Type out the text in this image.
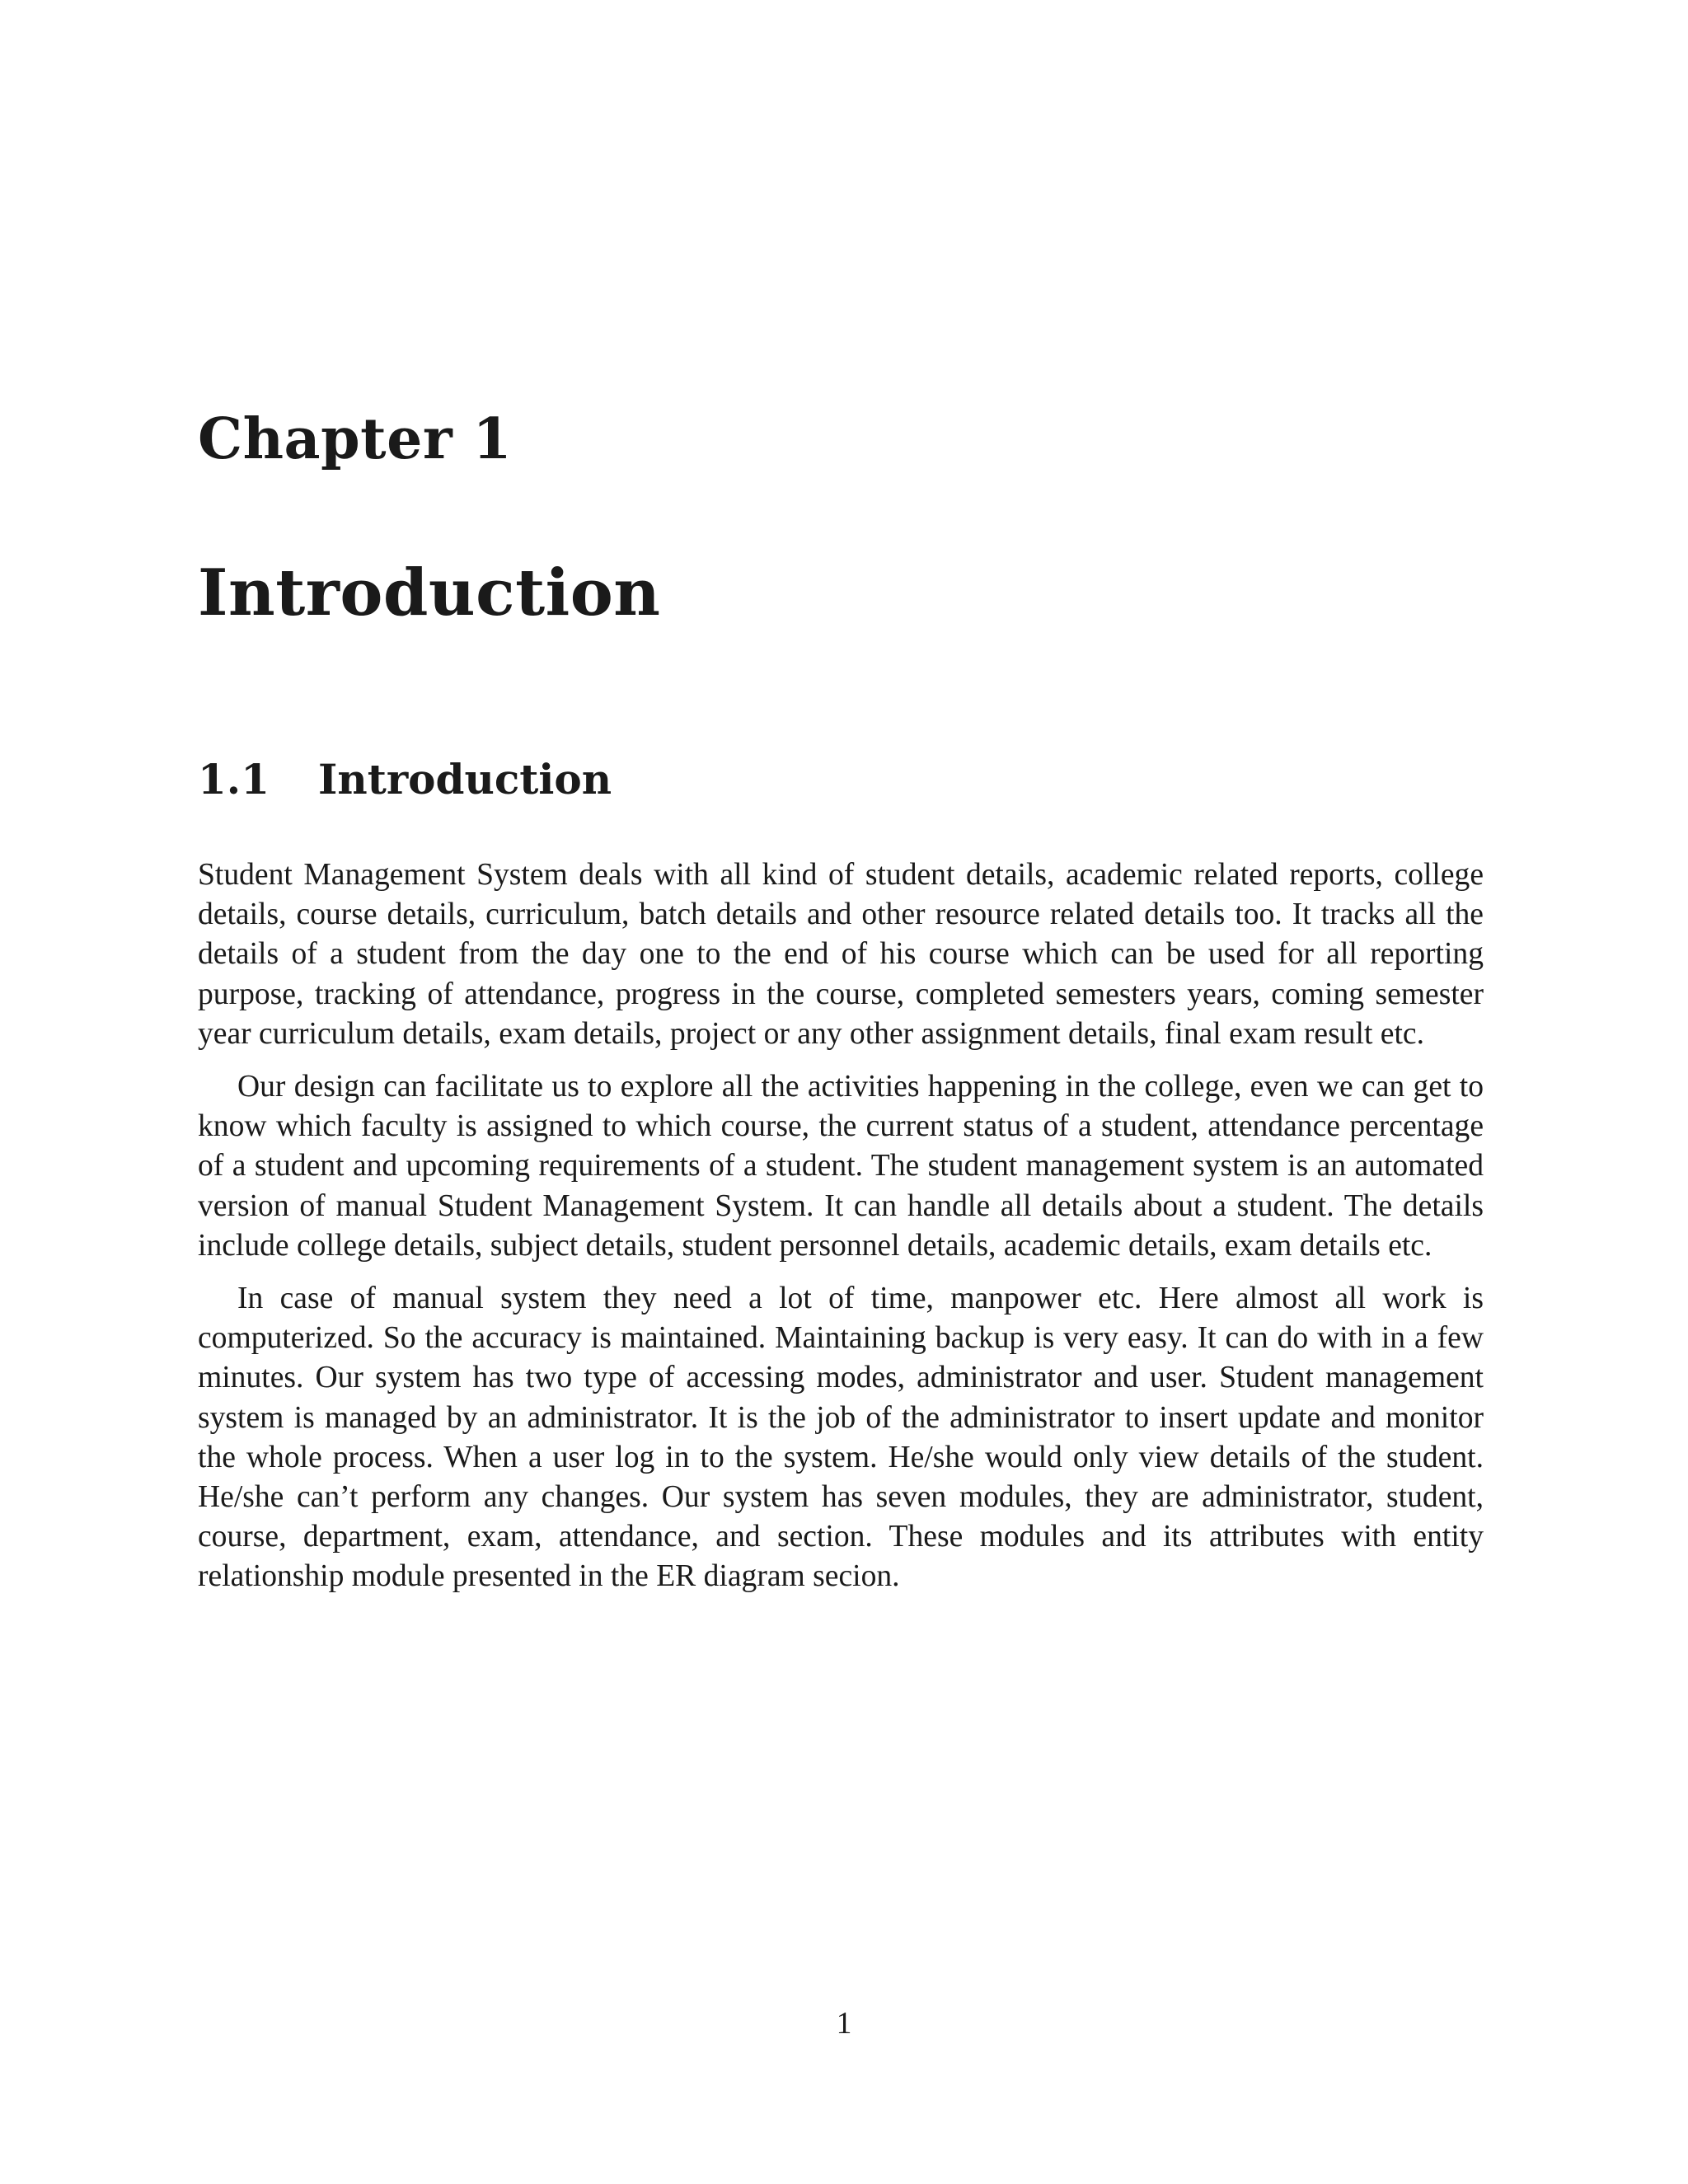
Chapter 1
Introduction
1.1	Introduction

Student Management System deals with all kind of student details, academic related reports, college details, course details, curriculum, batch details and other resource related details too. It tracks all the details of a student from the day one to the end of his course which can be used for all reporting purpose, tracking of attendance, progress in the course, completed semesters years, coming semester year curriculum details, exam details, project or any other assignment details, final exam result etc.

Our design can facilitate us to explore all the activities happening in the college, even we can get to know which faculty is assigned to which course, the current status of a student, attendance percentage of a student and upcoming requirements of a student. The student management system is an automated version of manual Student Management System. It can handle all details about a student. The details include college details, subject details, student personnel details, academic details, exam details etc.

In case of manual system they need a lot of time, manpower etc. Here almost all work is computerized. So the accuracy is maintained. Maintaining backup is very easy. It can do with in a few minutes. Our system has two type of accessing modes, administrator and user. Student management system is managed by an administrator. It is the job of the administrator to insert update and monitor the whole process. When a user log in to the system. He/she would only view details of the student. He/she can’t perform any changes. Our system has seven modules, they are administrator, student, course, department, exam, attendance, and section. These modules and its attributes with entity relationship module presented in the ER diagram secion.

1
